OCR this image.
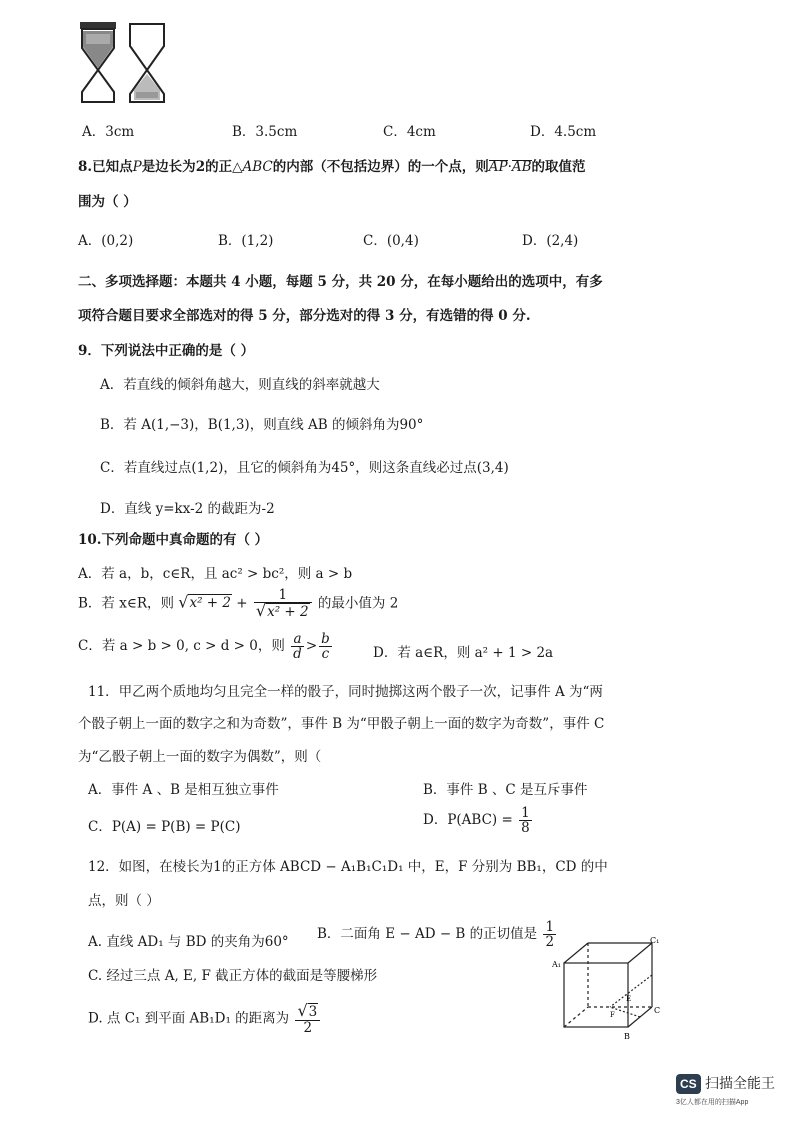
A．3cm	B．3.5cm	C．4cm	D．4.5cm
8.已知点P是边长为2的正△ABC的内部（不包括边界）的一个点，则AP·AB的取值范
围为（ ）
A．(0,2)	B．(1,2)	C．(0,4)	D．(2,4)
二、多项选择题：本题共 4 小题，每题 5 分，共 20 分，在每小题给出的选项中，有多
项符合题目要求全部选对的得 5 分，部分选对的得 3 分，有选错的得 0 分.
9．下列说法中正确的是（ ）
A．若直线的倾斜角越大，则直线的斜率就越大
B．若 A(1,−3)，B(1,3)，则直线 AB 的倾斜角为90°
C．若直线过点(1,2)，且它的倾斜角为45°，则这条直线必过点(3,4)
D．直线 y=kx-2 的截距为-2
10.下列命题中真命题的有（ ）
A．若 a，b，c∈R，且 ac² > bc²，则 a > b
B．若 x∈R，则 $√x^2 + 2 + \frac{1}{\text{√x² + 2}}$ 的最小值为 2
C．若 a > b > 0, c > d > 0，则 $\frac{a}{d} > \frac{b}{c}$	D．若 a∈R，则 a² + 1 > 2a
11．甲乙两个质地均匀且完全一样的骰子，同时抛掷这两个骰子一次，记事件 A 为“两
个骰子朝上一面的数字之和为奇数”，事件 B 为“甲骰子朝上一面的数字为奇数”，事件 C
为“乙骰子朝上一面的数字为偶数”，则（
A．事件 A 、B 是相互独立事件	B．事件 B 、C 是互斥事件
C．P(A) = P(B) = P(C)	D．$P(ABC) = \frac{1}{8}$
12．如图，在棱长为1的正方体 ABCD − A₁B₁C₁D₁ 中，E，F 分别为 BB₁，CD 的中
点，则（ ）
A. 直线 AD₁ 与 BD 的夹角为60° B．二面角 E − AD − B 的正切值是 $\frac{1}{2}$
C. 经过三点 A, E, F 截正方体的截面是等腰梯形
D. 点 C₁ 到平面 AB₁D₁ 的距离为 $\frac{√3}{2}$
A₁
C₁
E
F	C
B
CS 扫描全能王
3亿人都在用的扫描App
